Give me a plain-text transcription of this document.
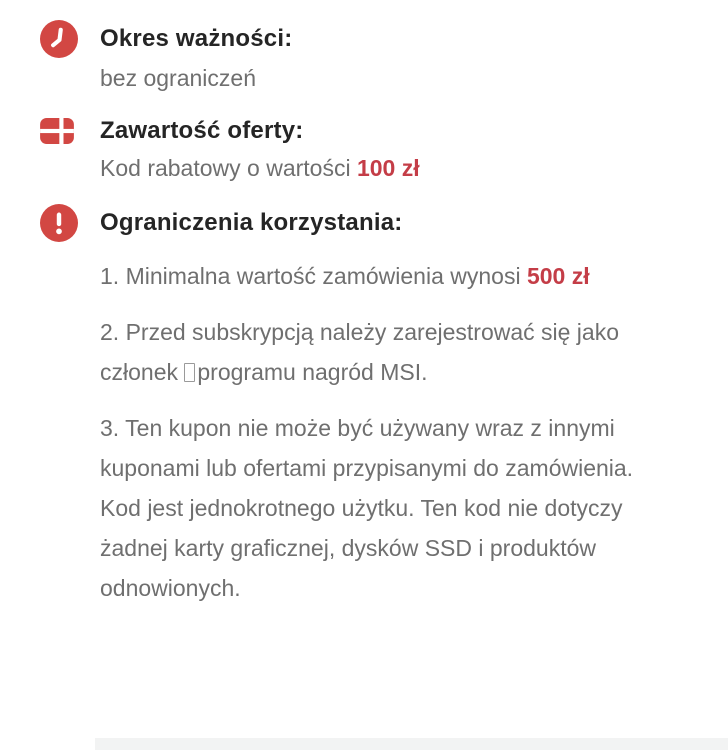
Okres ważności:

bez ograniczeń

Zawartość oferty:

Kod rabatowy o wartości 100 zł

Ograniczenia korzystania:

1. Minimalna wartość zamówienia wynosi 500 zł

2. Przed subskrypcją należy zarejestrować się jako członek programu nagród MSI.

3. Ten kupon nie może być używany wraz z innymi kuponami lub ofertami przypisanymi do zamówienia. Kod jest jednokrotnego użytku. Ten kod nie dotyczy żadnej karty graficznej, dysków SSD i produktów odnowionych.
